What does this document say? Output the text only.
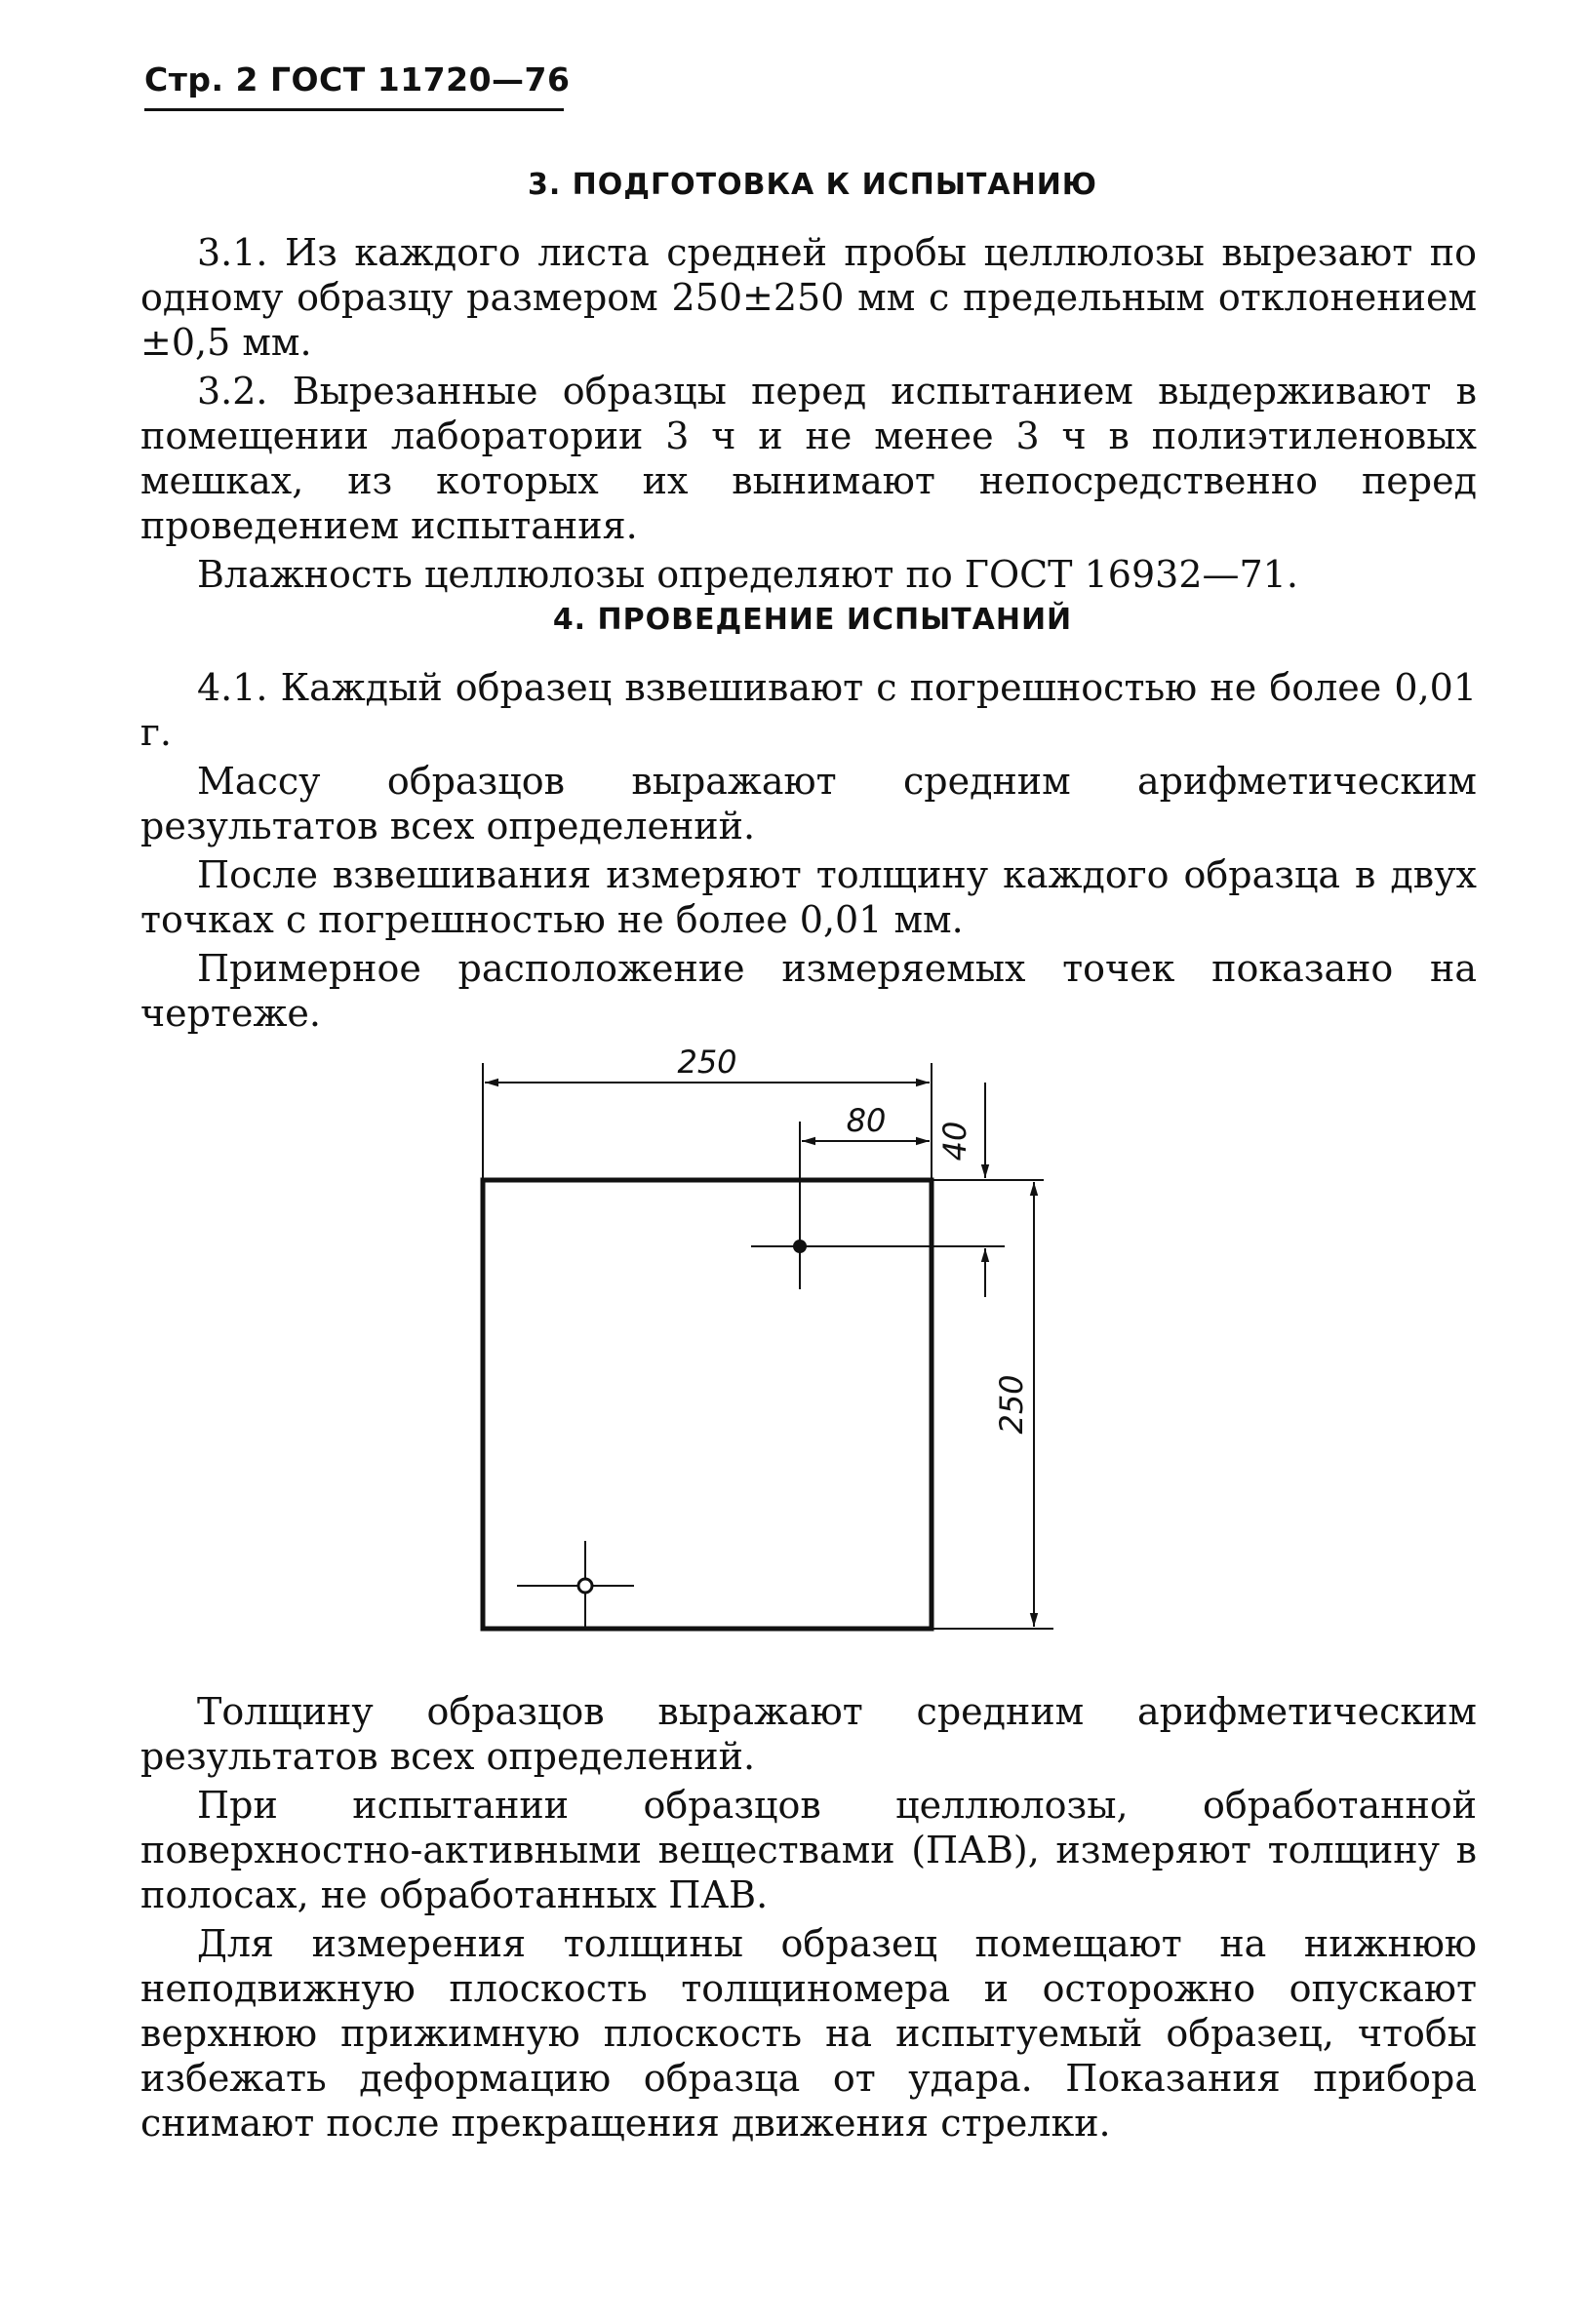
Стр. 2 ГОСТ 11720—76
3. ПОДГОТОВКА К ИСПЫТАНИЮ

3.1. Из каждого листа средней пробы целлюлозы вырезают по одному образцу размером 250±250 мм с предельным отклонением ±0,5 мм.

3.2. Вырезанные образцы перед испытанием выдерживают в помещении лаборатории 3 ч и не менее 3 ч в полиэтиленовых мешках, из которых их вынимают непосредственно перед проведением испытания.

Влажность целлюлозы определяют по ГОСТ 16932—71.

4. ПРОВЕДЕНИЕ ИСПЫТАНИЙ

4.1. Каждый образец взвешивают с погрешностью не более 0,01 г.

Массу образцов выражают средним арифметическим результатов всех определений.

После взвешивания измеряют толщину каждого образца в двух точках с погрешностью не более 0,01 мм.

Примерное расположение измеряемых точек показано на чертеже.

250
80
40
250

Толщину образцов выражают средним арифметическим результатов всех определений.

При испытании образцов целлюлозы, обработанной поверхностно-активными веществами (ПАВ), измеряют толщину в полосах, не обработанных ПАВ.

Для измерения толщины образец помещают на нижнюю неподвижную плоскость толщиномера и осторожно опускают верхнюю прижимную плоскость на испытуемый образец, чтобы избежать деформацию образца от удара. Показания прибора снимают после прекращения движения стрелки.
